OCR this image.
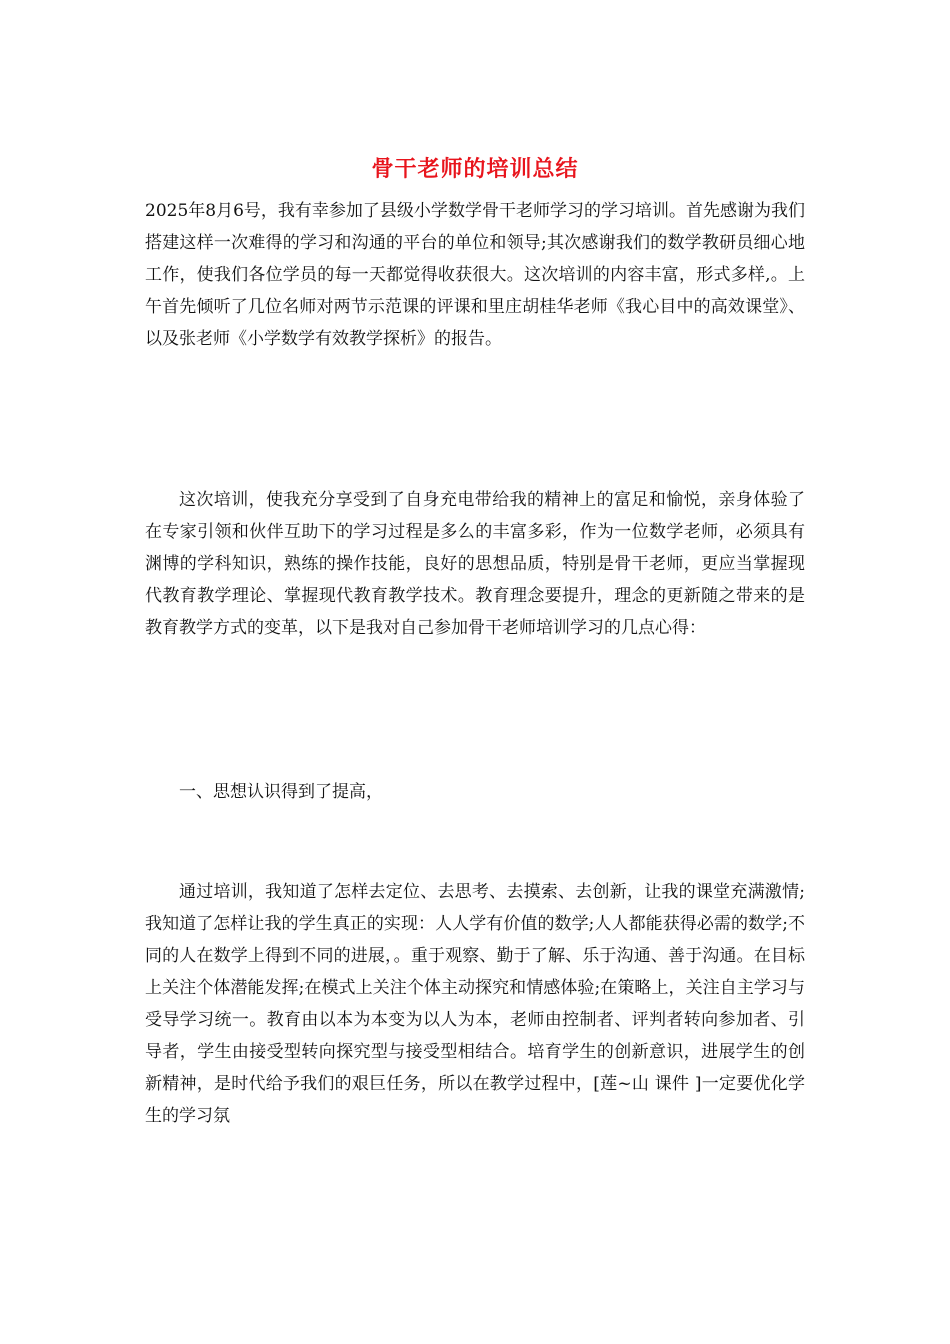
骨干老师的培训总结

2025年8月6号，我有幸参加了县级小学数学骨干老师学习的学习培训。首先感谢为我们搭建这样一次难得的学习和沟通的平台的单位和领导;其次感谢我们的数学教研员细心地工作，使我们各位学员的每一天都觉得收获很大。这次培训的内容丰富，形式多样,。上午首先倾听了几位名师对两节示范课的评课和里庄胡桂华老师《我心目中的高效课堂》、以及张老师《小学数学有效教学探析》的报告。

这次培训，使我充分享受到了自身充电带给我的精神上的富足和愉悦，亲身体验了在专家引领和伙伴互助下的学习过程是多么的丰富多彩，作为一位数学老师，必须具有渊博的学科知识，熟练的操作技能，良好的思想品质，特别是骨干老师，更应当掌握现代教育教学理论、掌握现代教育教学技术。教育理念要提升，理念的更新随之带来的是教育教学方式的变革，以下是我对自己参加骨干老师培训学习的几点心得：

一、思想认识得到了提高，

通过培训，我知道了怎样去定位、去思考、去摸索、去创新，让我的课堂充满激情;我知道了怎样让我的学生真正的实现：人人学有价值的数学;人人都能获得必需的数学;不同的人在数学上得到不同的进展，。重于观察、勤于了解、乐于沟通、善于沟通。在目标上关注个体潜能发挥;在模式上关注个体主动探究和情感体验;在策略上，关注自主学习与受导学习统一。教育由以本为本变为以人为本，老师由控制者、评判者转向参加者、引导者，学生由接受型转向探究型与接受型相结合。培育学生的创新意识，进展学生的创新精神，是时代给予我们的艰巨任务，所以在教学过程中，[莲~山 课件 ]一定要优化学生的学习氛
